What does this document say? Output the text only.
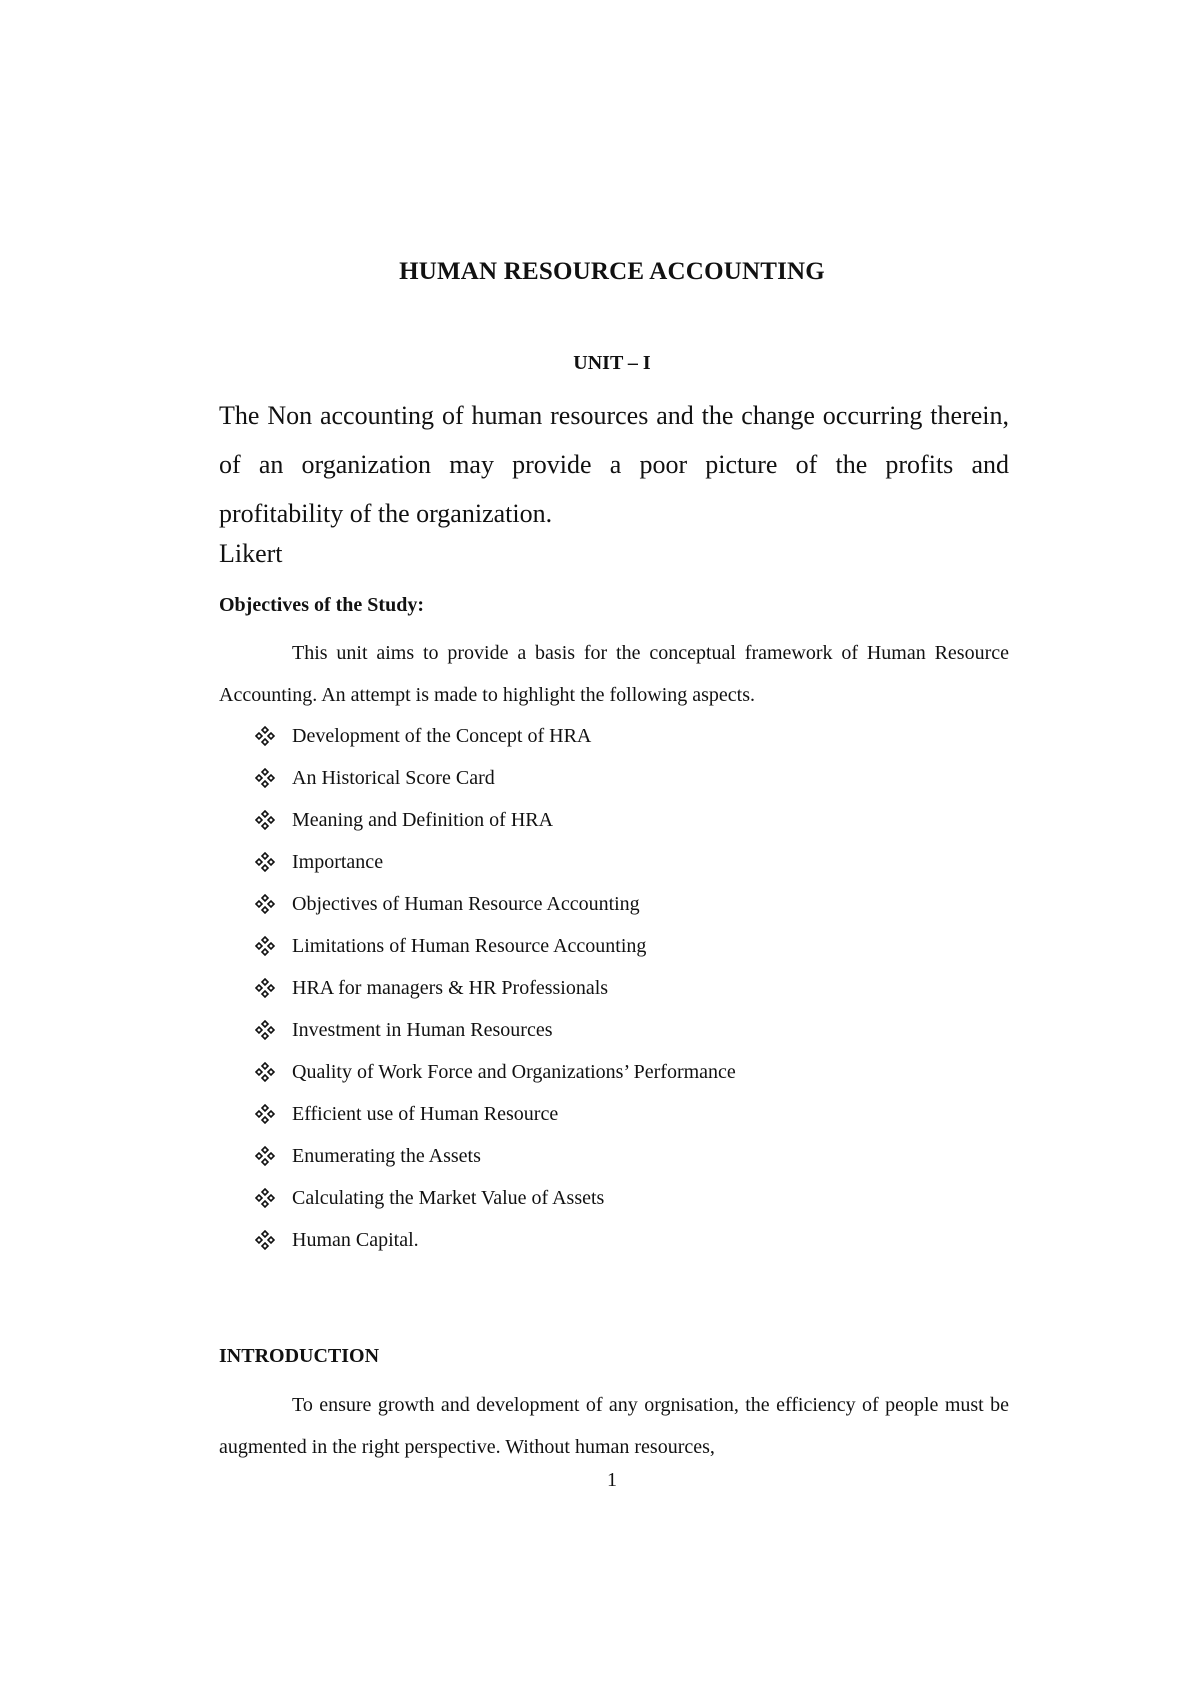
HUMAN RESOURCE ACCOUNTING
UNIT – I
The Non accounting of human resources and the change occurring therein, of an organization may provide a poor picture of the profits and profitability of the organization.
Likert
Objectives of the Study:
This unit aims to provide a basis for the conceptual framework of Human Resource Accounting. An attempt is made to highlight the following aspects.
Development of the Concept of HRA
An Historical Score Card
Meaning and Definition of HRA
Importance
Objectives of Human Resource Accounting
Limitations of Human Resource Accounting
HRA for managers & HR Professionals
Investment in Human Resources
Quality of Work Force and Organizations’ Performance
Efficient use of Human Resource
Enumerating the Assets
Calculating the Market Value of Assets
Human Capital.
INTRODUCTION
To ensure growth and development of any orgnisation, the efficiency of people must be augmented in the right perspective. Without human resources,
1
